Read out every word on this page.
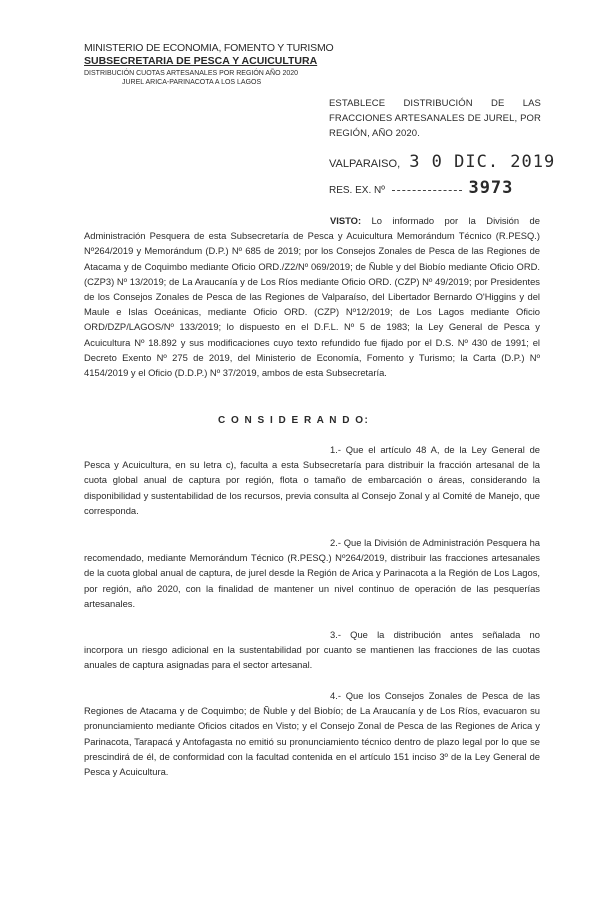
MINISTERIO DE ECONOMIA, FOMENTO Y TURISMO
SUBSECRETARIA DE PESCA Y ACUICULTURA
DISTRIBUCIÓN CUOTAS ARTESANALES POR REGIÓN AÑO 2020
JUREL ARICA-PARINACOTA A LOS LAGOS
ESTABLECE DISTRIBUCIÓN DE LAS FRACCIONES ARTESANALES DE JUREL, POR REGIÓN, AÑO 2020.
VALPARAISO, 3 0 DIC. 2019
RES. EX. Nº	3973
VISTO: Lo informado por la División de Administración Pesquera de esta Subsecretaría de Pesca y Acuicultura Memorándum Técnico (R.PESQ.) Nº264/2019 y Memorándum (D.P.) Nº 685 de 2019; por los Consejos Zonales de Pesca de las Regiones de Atacama y de Coquimbo mediante Oficio ORD./Z2/Nº 069/2019; de Ñuble y del Biobío mediante Oficio ORD. (CZP3) Nº 13/2019; de La Araucanía y de Los Ríos mediante Oficio ORD. (CZP) Nº 49/2019; por Presidentes de los Consejos Zonales de Pesca de las Regiones de Valparaíso, del Libertador Bernardo O'Higgins y del Maule e Islas Oceánicas, mediante Oficio ORD. (CZP) Nº12/2019; de Los Lagos mediante Oficio ORD/DZP/LAGOS/Nº 133/2019; lo dispuesto en el D.F.L. Nº 5 de 1983; la Ley General de Pesca y Acuicultura Nº 18.892 y sus modificaciones cuyo texto refundido fue fijado por el D.S. Nº 430 de 1991; el Decreto Exento Nº 275 de 2019, del Ministerio de Economía, Fomento y Turismo; la Carta (D.P.) Nº 4154/2019 y el Oficio (D.D.P.) Nº 37/2019, ambos de esta Subsecretaría.
C O N S I D E R A N D O:
1.- Que el artículo 48 A, de la Ley General de Pesca y Acuicultura, en su letra c), faculta a esta Subsecretaría para distribuir la fracción artesanal de la cuota global anual de captura por región, flota o tamaño de embarcación o áreas, considerando la disponibilidad y sustentabilidad de los recursos, previa consulta al Consejo Zonal y al Comité de Manejo, que corresponda.
2.- Que la División de Administración Pesquera ha recomendado, mediante Memorándum Técnico (R.PESQ.) Nº264/2019, distribuir las fracciones artesanales de la cuota global anual de captura, de jurel desde la Región de Arica y Parinacota a la Región de Los Lagos, por región, año 2020, con la finalidad de mantener un nivel continuo de operación de las pesquerías artesanales.
3.- Que la distribución antes señalada no incorpora un riesgo adicional en la sustentabilidad por cuanto se mantienen las fracciones de las cuotas anuales de captura asignadas para el sector artesanal.
4.- Que los Consejos Zonales de Pesca de las Regiones de Atacama y de Coquimbo; de Ñuble y del Biobío; de La Araucanía y de Los Ríos, evacuaron su pronunciamiento mediante Oficios citados en Visto; y el Consejo Zonal de Pesca de las Regiones de Arica y Parinacota, Tarapacá y Antofagasta no emitió su pronunciamiento técnico dentro de plazo legal por lo que se prescindirá de él, de conformidad con la facultad contenida en el artículo 151 inciso 3º de la Ley General de Pesca y Acuicultura.
